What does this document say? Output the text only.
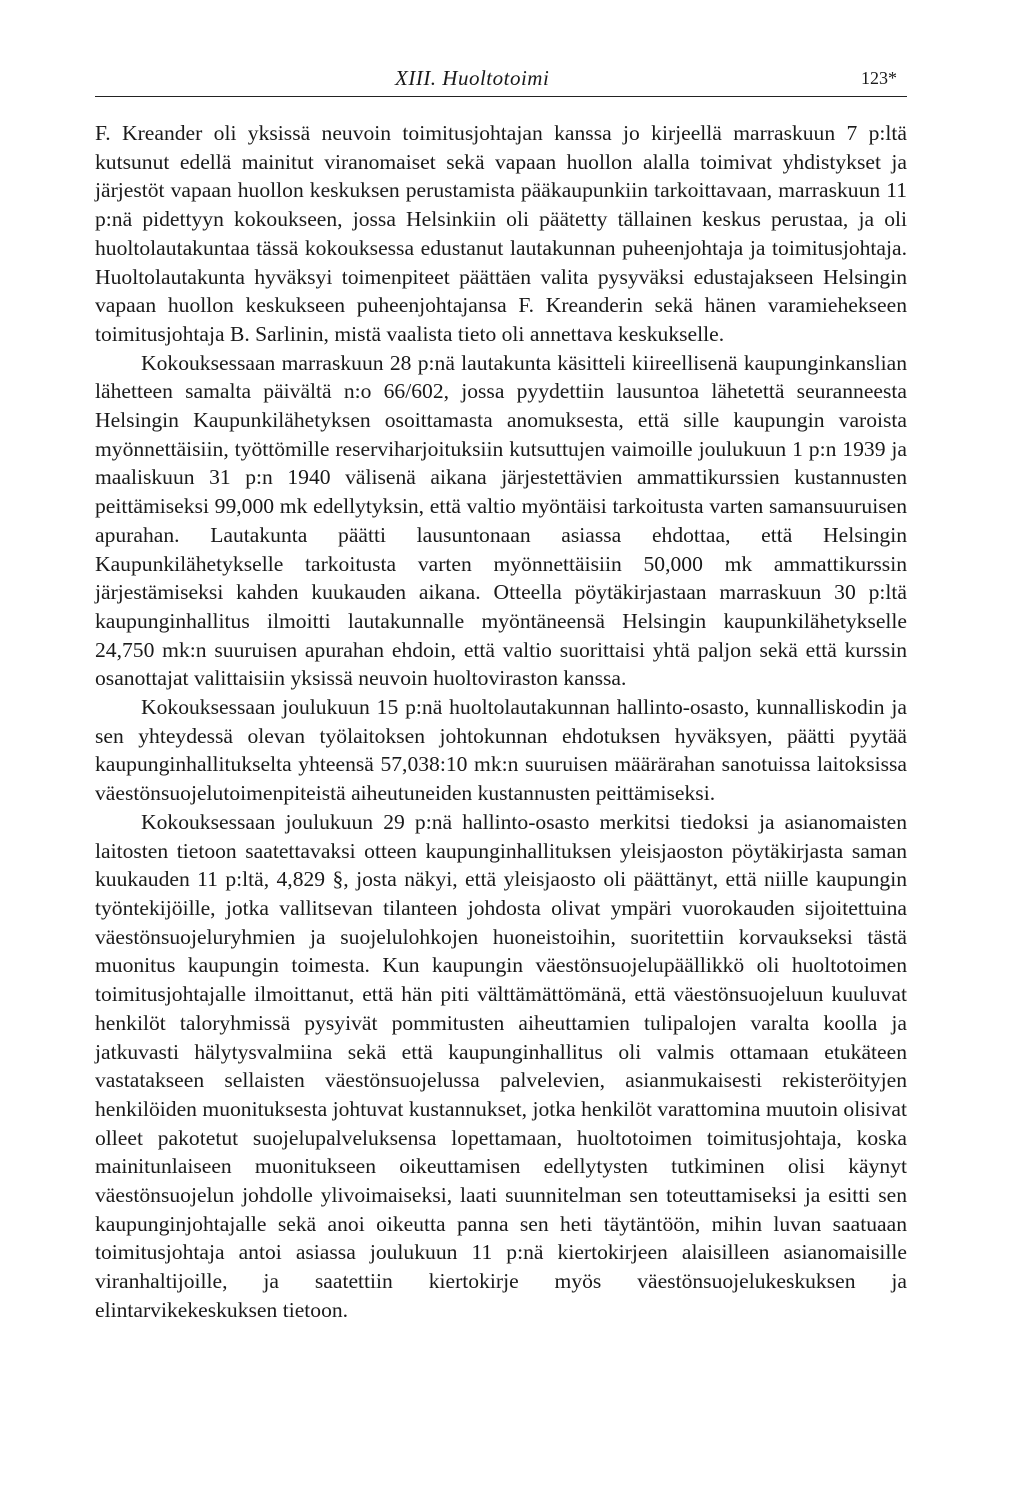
XIII. Huoltotoimi	123*

F. Kreander oli yksissä neuvoin toimitusjohtajan kanssa jo kirjeellä marraskuun 7 p:ltä kutsunut edellä mainitut viranomaiset sekä vapaan huollon alalla toimivat yhdistykset ja järjestöt vapaan huollon keskuksen perustamista pääkaupunkiin tarkoittavaan, marraskuun 11 p:nä pidettyyn kokoukseen, jossa Helsinkiin oli päätetty tällainen keskus perustaa, ja oli huoltolautakuntaa tässä kokouksessa edustanut lautakunnan puheenjohtaja ja toimitusjohtaja. Huoltolautakunta hyväksyi toimenpiteet päättäen valita pysyväksi edustajakseen Helsingin vapaan huollon keskukseen puheenjohtajansa F. Kreanderin sekä hänen varamiehekseen toimitusjohtaja B. Sarlinin, mistä vaalista tieto oli annettava keskukselle.

Kokouksessaan marraskuun 28 p:nä lautakunta käsitteli kiireellisenä kaupunginkanslian lähetteen samalta päivältä n:o 66/602, jossa pyydettiin lausuntoa lähetettä seuranneesta Helsingin Kaupunkilähetyksen osoittamasta anomuksesta, että sille kaupungin varoista myönnettäisiin, työttömille reserviharjoituksiin kutsuttujen vaimoille joulukuun 1 p:n 1939 ja maaliskuun 31 p:n 1940 välisenä aikana järjestettävien ammattikurssien kustannusten peittämiseksi 99,000 mk edellytyksin, että valtio myöntäisi tarkoitusta varten samansuuruisen apurahan. Lautakunta päätti lausuntonaan asiassa ehdottaa, että Helsingin Kaupunkilähetykselle tarkoitusta varten myönnettäisiin 50,000 mk ammattikurssin järjestämiseksi kahden kuukauden aikana. Otteella pöytäkirjastaan marraskuun 30 p:ltä kaupunginhallitus ilmoitti lautakunnalle myöntäneensä Helsingin kaupunkilähetykselle 24,750 mk:n suuruisen apurahan ehdoin, että valtio suorittaisi yhtä paljon sekä että kurssin osanottajat valittaisiin yksissä neuvoin huoltoviraston kanssa.

Kokouksessaan joulukuun 15 p:nä huoltolautakunnan hallinto-osasto, kunnalliskodin ja sen yhteydessä olevan työlaitoksen johtokunnan ehdotuksen hyväksyen, päätti pyytää kaupunginhallitukselta yhteensä 57,038:10 mk:n suuruisen määrärahan sanotuissa laitoksissa väestönsuojelutoimenpiteistä aiheutuneiden kustannusten peittämiseksi.

Kokouksessaan joulukuun 29 p:nä hallinto-osasto merkitsi tiedoksi ja asianomaisten laitosten tietoon saatettavaksi otteen kaupunginhallituksen yleisjaoston pöytäkirjasta saman kuukauden 11 p:ltä, 4,829 §, josta näkyi, että yleisjaosto oli päättänyt, että niille kaupungin työntekijöille, jotka vallitsevan tilanteen johdosta olivat ympäri vuorokauden sijoitettuina väestönsuojeluryhmien ja suojelulohkojen huoneistoihin, suoritettiin korvaukseksi tästä muonitus kaupungin toimesta. Kun kaupungin väestönsuojelupäällikkö oli huoltotoimen toimitusjohtajalle ilmoittanut, että hän piti välttämättömänä, että väestönsuojeluun kuuluvat henkilöt taloryhmissä pysyivät pommitusten aiheuttamien tulipalojen varalta koolla ja jatkuvasti hälytysvalmiina sekä että kaupunginhallitus oli valmis ottamaan etukäteen vastatakseen sellaisten väestönsuojelussa palvelevien, asianmukaisesti rekisteröityjen henkilöiden muonituksesta johtuvat kustannukset, jotka henkilöt varattomina muutoin olisivat olleet pakotetut suojelupalveluksensa lopettamaan, huoltotoimen toimitusjohtaja, koska mainitunlaiseen muonitukseen oikeuttamisen edellytysten tutkiminen olisi käynyt väestönsuojelun johdolle ylivoimaiseksi, laati suunnitelman sen toteuttamiseksi ja esitti sen kaupunginjohtajalle sekä anoi oikeutta panna sen heti täytäntöön, mihin luvan saatuaan toimitusjohtaja antoi asiassa joulukuun 11 p:nä kiertokirjeen alaisilleen asianomaisille viranhaltijoille, ja saatettiin kiertokirje myös väestönsuojelukeskuksen ja elintarvikekeskuksen tietoon.
